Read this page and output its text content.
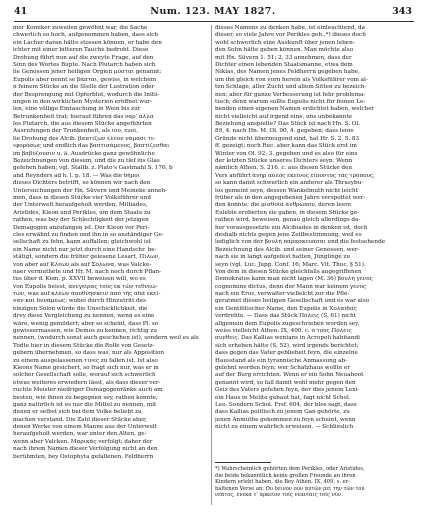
41	Num. 123. MAY 1827.	343
mer Komiker zuweilen gewöhnt war, die Sache
chwerlich so hoch, aufgenommen haben, dass sich
ein Lacher daran hätte stossen können, er habe den
ichter mit einer bitteren Tauche bedroht. Diese
Drohung führt nun auf die zweyte Frage, auf den
Sinn des Wortes Bupte. Nach Plutarch haben sich
lie Genossen jener heiligen Orgien μύσται genannt;
Eupolis aber nennt se βάπται, gewiss, in welchem
n feinem Stücke an die Stelle der Lustration oder
der Besprengung mit Opferblut, wodurch die Initii-
ungen in den wirklichen Mysterien eröffnet wur-
len, eine völlige Eintauchung in Wein bis zur
Betrunkenheit trat; hierauf führen das ναρ' αλλα
les Plutarch, die aus diesem Stücke angeführten
Ausrufungen der Trunkenheit, als ιού, ευοί,
lie Drohung des Alcib. βαπτίζων ἐλέον νάμασι τε-
ιφορόσως und endlich das βαπτισάμενος, βαπτίζεσθαι
im βαβύζουσιν u. ä. Ausdrücke ganz gewöhnliche
Bezeichnungen von diesem, und die zu tief ins Glas
gefehen haben; vgl. Stallb. z. Plato's Gastmahl S. 176, b
and Reynders ad h. l. p. 18. — Was die δῆμοι
dieses Dichters betrifft, so können wir nach den
Untersuchungen der Hn. Süvern und Meineke anneh-
men, dass in diesen Stücke vier Volksführer und
der Unterwelt heraufgeholt werden, Miltiades,
Aristides, Kleon und Perikles, um dem Staate zu
rathen, was bey der Schlechtigkeit der jetzigen
Demagogen anzufangen ist. Der Kleon vor Peri-
cles erwähnt zu finden und ihn in so anständiger Ge-
sellschaft zu fehn, kann auffallen; gleichwohl ist
ein Name nicht nur jetzt durch eine Handschr. be-
stätigt, sondern die früher gelesene Lesart, Πίλων,
von aber auf Κλέων als auf Σόλωνα, was Valcke-
naer vermuthete und Hr. M. nach noch durch Pflan-
tus über d. Kom. p. XXVII beweisen will, wo es
von Eupolis heisst, ἀνεγείρας τοὺς ἐκ τῶν τεθνεώ-
των, was auf κλέων ἀποθνήσκειν ἀπὸ τῆς ἀδὰ ἐκεῖ-
ναν καὶ δυνάμεως: wobei durch Hinzutritt des
einzigen Solon würde die Unschicklichkeit, die
drey diese Vergleichung zu nennen, wenn es eine
wäre, wenig gemildert; aber so scheint, dass Pl. so
gewissermassen, wie Demos zu kennen, richtig zu
nennen, (wodurch sonst auch geschehen ist), sondern weil es als
Todte hier in diesem Stücke die Rolle von Gesetz-
gebern übernehmen, so dass was, nur als Apposition
zu einem ausgelassenen τινες zu fallen ist. Ist also
Kleons Name gesichert, so fragt sich nur, was er in
solcher Gesellschaft solle, worauf sich schwerlich
etwas weiteres erwiedern lässt, als dass dieser ver-
ruchte Meister niedriger Demagogenränke auch am
besten, wie ihnen zu begegnen sey, rathen konnte;
ganz natürlich ist es nur die Mittel zu nennen, mit
denen er selbst sich bei dem Volke beliebt zu
machen verstand. Die Zahl dieser Stücke aber,
denen Werke von einem Manne aus der Unterwelt
heraufgeholt werden, war unter den Alten, ge-
wenn aber Valcken. Μαρικᾶς verfolgt; daher der
nach ihrem Namen dieser Verfolgung nicht an den
berühmten, bey Ostophyta gefallenen, Feldherrn
dieses Namens zu denken habe, ist einleuchtend, da
dieser, so viele Jahre vor Perikles geb.,*) dieses doch
wohl schwerlich eine Auskunft über jenen leben-
den Sohn hätte geben können. Man möchte also
mit Hn. Süvern 1. 51; 2, 33 annehmen, dass der
Dichter einen lebenden Staatsmanne, etwa dem
Nikias, des Namen jenes Feldherrn gegeben habe,
um ihn gleich von vorn herein als Volksführer vom al-
ten Schlage, aller Zucht und allem Sitten zu bezeich-
nen; aber für ganze Verbesserung ist fehr problema-
tisch; denn warum sollte Eupolis nicht für feinen Le-
benden einen eigenen Namen erdichtet haben, welcher
nicht vielleicht auf irgend eine, uns unbekannte
Beziehung anspielte? Das Stück ist nach Hn. S. Ol.
89, 4. nach Hn. M. Ol. 90, 4. gegeben; dass leine
Gründe nicht überzeugend sind, hat Hr. S. 2, S. 83
ff. gezeigt; noch Rec. aber kann das Stück erst im
Winter von Ol. 92, 3. gegeben und es also für eins
der letzten Stücke unseres Dichters seyn. Wenn
nämlich Athen. S. 216. c. aus diesen Stücke den
Vers anführt ἀνὴρ αὐλὸς ἐκεῖνος εἴποντος τὰς τρόπους,
so kann damit schwerlich ein anderer als Thrasybu-
los gemeint seyn, dessen Wankelmuth nicht leicht
früher als in den angegebenen Jahre verspottet wer-
den konnte; die μισθοῖα ἀνθρώπου, deren leere
Eulebie eroberten sie gaben, in diesem Stücke ge-
rathen wird, beweisen, genau gleich allerdings da-
her vorausgesetzte ein Alcibiades in denken ist, doch
deshalb nichts gegen jene Zeitbestimmung, weil es
lediglich von der βουλὴ παρασκευάσαι und die festsehende
Bezeichnung des Alcib. und seiner Genossen, wer-
nach sie in langt aufgefest hatten, Jünglinge zu
seyn (vgl. Luc. Jupp. Conf. 16; Marc. Vit. Thuc. § 51).
Von dem in diesen Stücke gleichfalls angegriffenen
Demokratos kann man nicht lagen (M. 36) βουλὴ γένος
cognomine dictus, denn der Mann war keinem γένος
nach ein Ēros, verwalter vielleicht zur die Pfle-
geratmet dieses heiligen Gesellschaft und es war also
ein Gentilitischer Name, den Eupolis in Χολαΐδας
verdrehte. — Dass das Stück Πόλεις (S. 61) nicht
allgemein dem Eupolis zugeschrieben worden sey,
weiss vielleicht Athen. IX, 400. c. ὁ τοὺς Πόλεις
συνθείς. Das Kallias wenians in Acropoli habitandi
sich erheben hätte (S. 52), wird irgends berichtet;
dass gegen das Vater gebliebeit feyn, die einzelne
Hausstand als ein tyrannische Anmassung ab-
gelehnt worden feyn; wer Schatzhaus wollte er
auf der Burg errichten. Wenn er ein Sohn Neuahoot
genannt wird, so fall damit wohl mehr gegen den
Geiz des Vaters gefehen feyn, der dies jenem Lexi-
ein Haus in Melite gebaut hat, fagt nicht Schol.
Leo. Sondern Schol. Frsf. 604, der blos sagt, dass
dass Kallias politisch zu jenem Gan gehörte, zu
jenen Anmuthe gekommen zu feyn scheint, wenn
nicht zu einem wahrlich erweisen. — Schlieslich
*) Wahrscheinlich gehörten dem Perikles, oder Aristides,
die beide bekanntlich keine großen Freunde an ihren
Kindern erlebt haben, die Bey Athen. IX, 409, s. er-
haltenen Verse an: Οὐ δεινὸν οὖν αὐτῶν ῥεῖ τὴν τῶν τοῦ
νέατος, ἔνεκα τ' ἀρκεῖον τοῖς νεανίαις τοῖς νῦν.
